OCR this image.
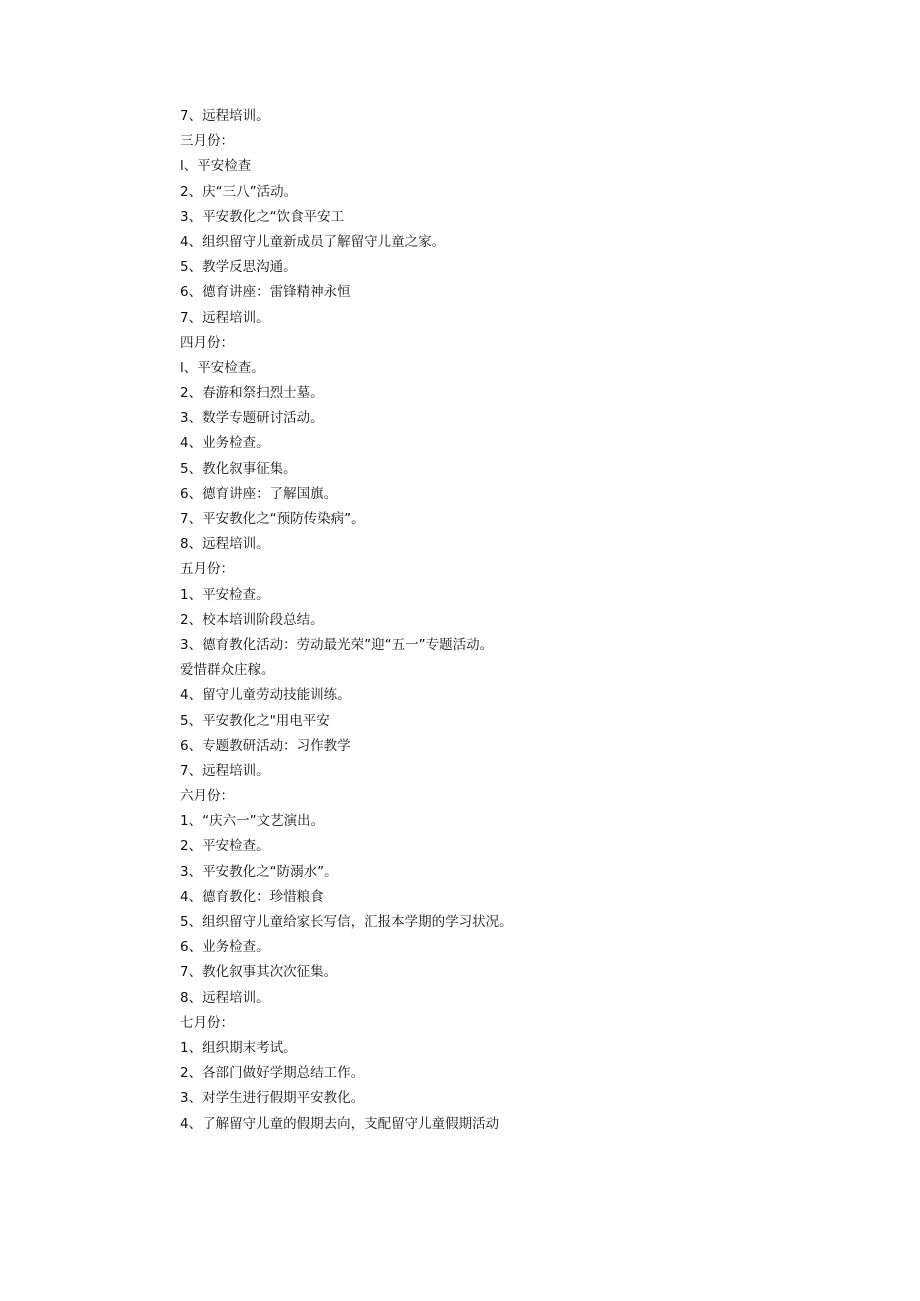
7、远程培训。
三月份：
l、平安检查
2、庆“三八”活动。
3、平安教化之“饮食平安工
4、组织留守儿童新成员了解留守儿童之家。
5、教学反思沟通。
6、德育讲座：雷锋精神永恒
7、远程培训。
四月份：
l、平安检查。
2、春游和祭扫烈士墓。
3、数学专题研讨活动。
4、业务检查。
5、教化叙事征集。
6、德育讲座：了解国旗。
7、平安教化之“预防传染病”。
8、远程培训。
五月份：
1、平安检查。
2、校本培训阶段总结。
3、德育教化活动：劳动最光荣”迎“五一”专题活动。
爱惜群众庄稼。
4、留守儿童劳动技能训练。
5、平安教化之"用电平安
6、专题教研活动：习作教学
7、远程培训。
六月份：
1、“庆六一”文艺演出。
2、平安检查。
3、平安教化之“防溺水”。
4、德育教化：珍惜粮食
5、组织留守儿童给家长写信，汇报本学期的学习状况。
6、业务检查。
7、教化叙事其次次征集。
8、远程培训。
七月份：
1、组织期末考试。
2、各部门做好学期总结工作。
3、对学生进行假期平安教化。
4、了解留守儿童的假期去向，支配留守儿童假期活动
